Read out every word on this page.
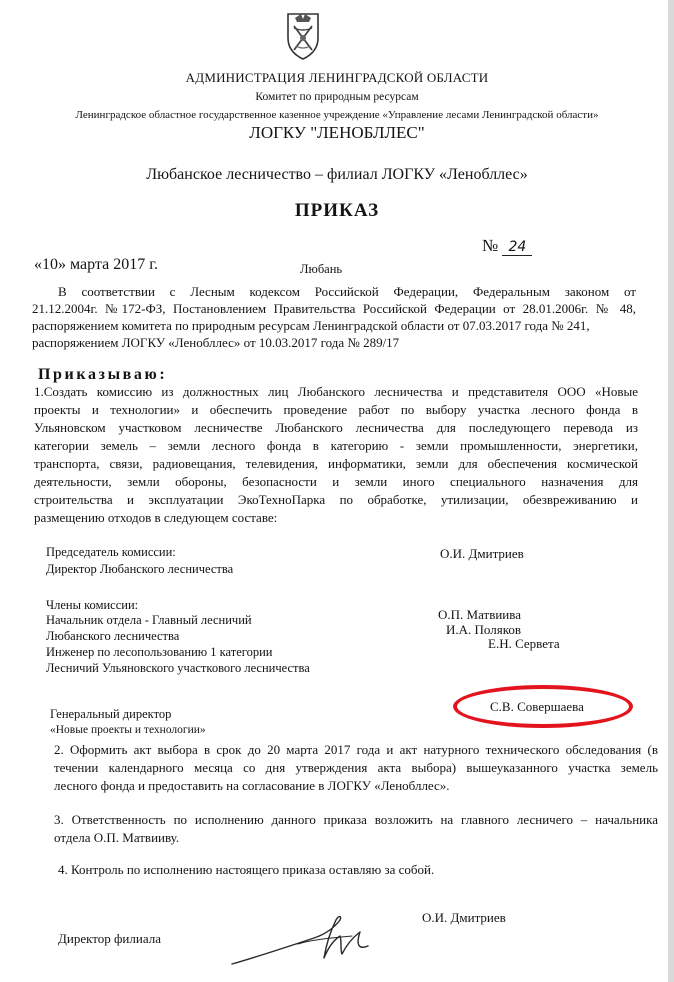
АДМИНИСТРАЦИЯ ЛЕНИНГРАДСКОЙ ОБЛАСТИ
Комитет по природным ресурсам
Ленинградское областное государственное казенное учреждение «Управление лесами Ленинградской области»
ЛОГКУ "ЛЕНОБЛЛЕС"
Любанское лесничество – филиал ЛОГКУ «Ленобллес»
ПРИКАЗ
№ 24
«10» марта 2017 г.	Любань
В соответствии с Лесным кодексом Российской Федерации, Федеральным законом от
21.12.2004г. №172-ФЗ, Постановлением Правительства Российской Федерации от 28.01.2006г. № 48,
распоряжением комитета по природным ресурсам Ленинградской области от 07.03.2017 года № 241,
распоряжением ЛОГКУ «Ленобллес» от 10.03.2017 года № 289/17
Приказываю:
1.Создать комиссию из должностных лиц Любанского лесничества и представителя ООО «Новые
проекты и технологии» и обеспечить проведение работ по выбору участка лесного фонда в
Ульяновском участковом лесничестве Любанского лесничества для последующего перевода из
категории земель – земли лесного фонда в категорию - земли промышленности, энергетики,
транспорта, связи, радиовещания, телевидения, информатики, земли для обеспечения космической
деятельности, земли обороны, безопасности и земли иного специального назначения для
строительства и эксплуатации ЭкоТехноПарка по обработке, утилизации, обезвреживанию и
размещению отходов в следующем составе:
Председатель комиссии:
Директор Любанского лесничества
О.И. Дмитриев
Члены комиссии:
Начальник отдела - Главный лесничий
Любанского лесничества
Инженер по лесопользованию 1 категории
Лесничий Ульяновского участкового лесничества
О.П. Матвиива
И.А. Поляков
Е.Н. Сервета
Генеральный директор
«Новые проекты и технологии»
С.В. Совершаева
2. Оформить акт выбора в срок до 20 марта 2017 года и акт натурного технического обследования (в
течении календарного месяца со дня утверждения акта выбора) вышеуказанного участка земель
лесного фонда и предоставить на согласование в ЛОГКУ «Ленобллес».
3. Ответственность по исполнению данного приказа возложить на главного лесничего – начальника
отдела О.П. Матвииву.
4. Контроль по исполнению настоящего приказа оставляю за собой.
Директор филиала
О.И. Дмитриев
